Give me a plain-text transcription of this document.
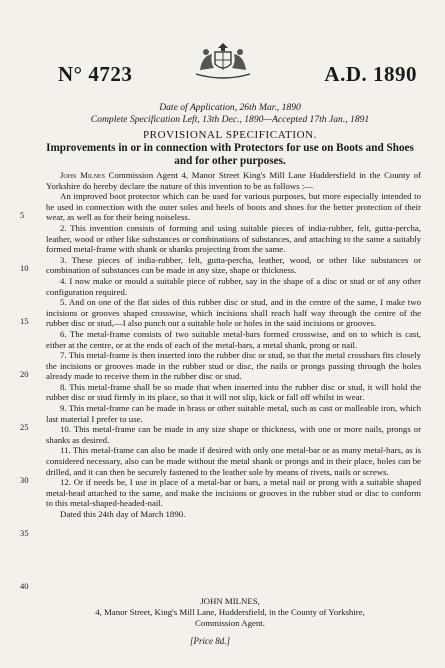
N° 4723	A.D. 1890
Date of Application, 26th Mar., 1890
Complete Specification Left, 13th Dec., 1890—Accepted 17th Jan., 1891
PROVISIONAL SPECIFICATION.
Improvements in or in connection with Protectors for use on Boots and Shoes and for other purposes.

John Milnes Commission Agent 4, Manor Street King's Mill Lane Huddersfield in the County of Yorkshire do hereby declare the nature of this invention to be as follows :—

An improved boot protector which can be used for various purposes, but more especially intended to be used in connection with the outer soles and heels of boots and shoes for the better protection of their wear, as well as for their being noiseless.

2. This invention consists of forming and using suitable pieces of india-rubber, felt, gutta-percha, leather, wood or other like substances or combinations of substances, and attaching to the same a suitably formed metal-frame with shank or shanks projecting from the same.

3. These pieces of india-rubber, felt, gutta-percha, leather, wood, or other like substances or combination of substances can be made in any size, shape or thickness.

4. I now make or mould a suitable piece of rubber, say in the shape of a disc or stud or of any other configuration required.

5. And on one of the flat sides of this rubber disc or stud, and in the centre of the same, I make two incisions or grooves shaped crosswise, which incisions shall reach half way through the centre of the rubber disc or stud,—I also punch out a suitable hole or holes in the said incisions or grooves.

6. The metal-frame consists of two suitable metal-bars formed crosswise, and on to which is cast, either at the centre, or at the ends of each of the metal-bars, a metal shank, prong or nail.

7. This metal-frame is then inserted into the rubber disc or stud, so that the metal crossbars fits closely the incisions or grooves made in the rubber stud or disc, the nails or prongs passing through the holes already made to receive them in the rubber disc or stud.

8. This metal-frame shall be so made that when inserted into the rubber disc or stud, it will hold the rubber disc or stud firmly in its place, so that it will not slip, kick or fall off whilst in wear.

9. This metal-frame can be made in brass or other suitable metal, such as cast or malleable iron, which last material I prefer to use.

10. This metal-frame can be made in any size shape or thickness, with one or more nails, prongs or shanks as desired.

11. This metal-frame can also be made if desired with only one metal-bar or as many metal-bars, as is considered necessary, also can be made without the metal shank or prongs and in their place, holes can be drilled, and it can then be securely fastened to the leather sole by means of rivets, nails or screws.

12. Or if needs be, I use in place of a metal-bar or bars, a metal nail or prong with a suitable shaped metal-head attached to the same, and make the incisions or grooves in the rubber stud or disc to conform to this metal-shaped-headed-nail.

Dated this 24th day of March 1890.

5
10
15
20
25
30
35
40
JOHN MILNES,
4, Manor Street, King's Mill Lane, Huddersfield, in the County of Yorkshire,
Commission Agent.
[Price 8d.]
